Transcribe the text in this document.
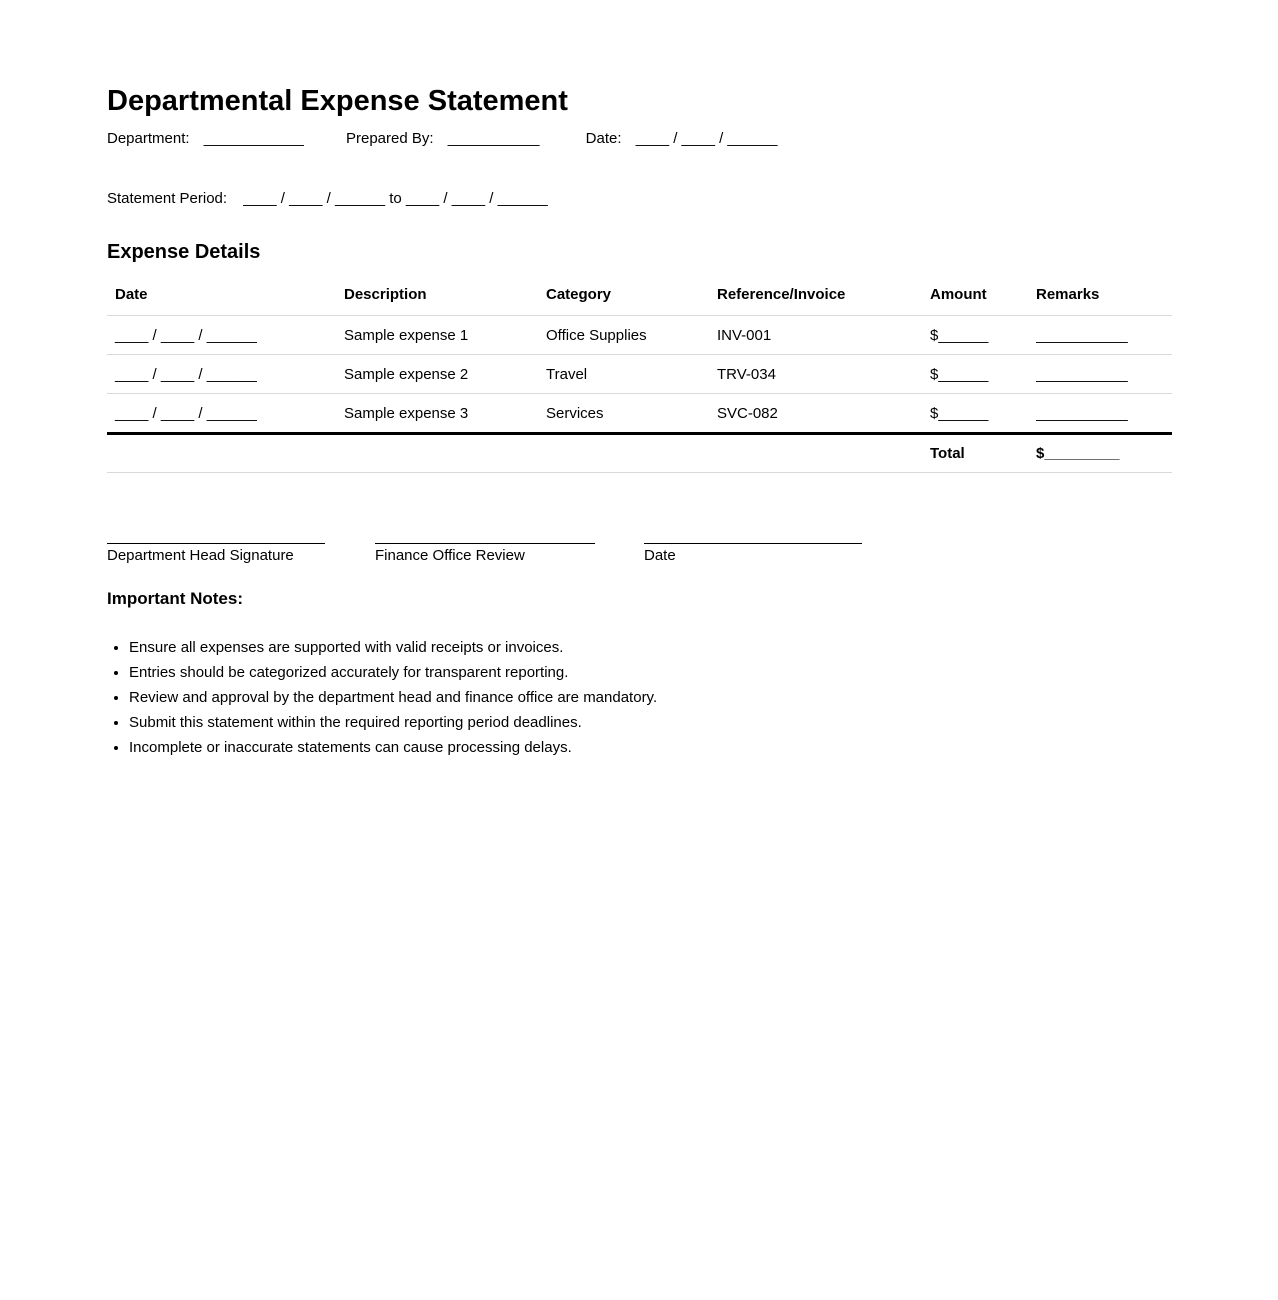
Departmental Expense Statement
Department: ____________	Prepared By: ___________	Date: ____ / ____ / ______
Statement Period: ____ / ____ / ______ to ____ / ____ / ______
Expense Details
Date	Description	Category	Reference/Invoice	Amount	Remarks
____ / ____ / ______	Sample expense 1	Office Supplies	INV-001	$______	___________
____ / ____ / ______	Sample expense 2	Travel	TRV-034	$______	___________
____ / ____ / ______	Sample expense 3	Services	SVC-082	$______	___________
				Total	$_________
Department Head Signature	Finance Office Review	Date
Important Notes:
• Ensure all expenses are supported with valid receipts or invoices.
• Entries should be categorized accurately for transparent reporting.
• Review and approval by the department head and finance office are mandatory.
• Submit this statement within the required reporting period deadlines.
• Incomplete or inaccurate statements can cause processing delays.
